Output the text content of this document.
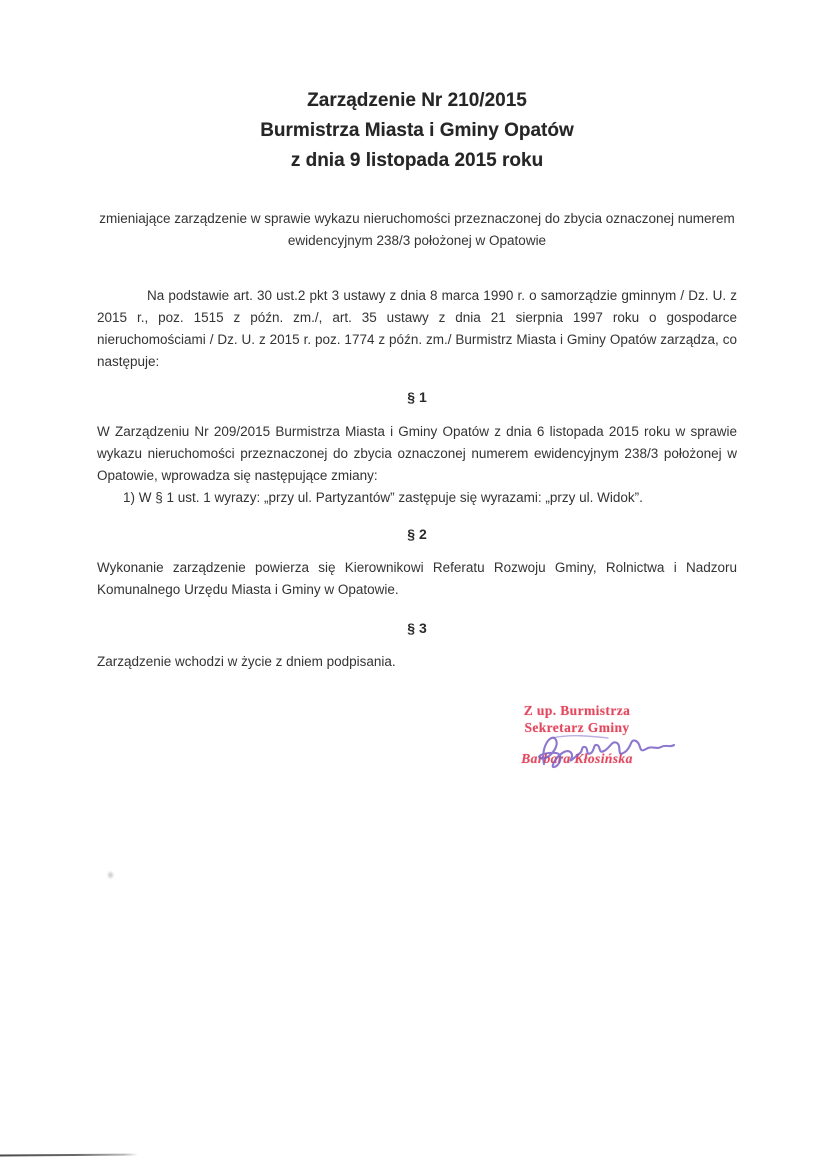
Zarządzenie Nr 210/2015
Burmistrza Miasta i Gminy Opatów
z dnia 9 listopada 2015 roku
zmieniające zarządzenie w sprawie wykazu nieruchomości przeznaczonej do zbycia oznaczonej numerem ewidencyjnym 238/3 położonej w Opatowie

Na podstawie art. 30 ust.2 pkt 3 ustawy z dnia 8 marca 1990 r. o samorządzie gminnym / Dz. U. z 2015 r., poz. 1515 z późn. zm./, art. 35 ustawy z dnia 21 sierpnia 1997 roku o gospodarce nieruchomościami / Dz. U. z 2015 r. poz. 1774 z późn. zm./ Burmistrz Miasta i Gminy Opatów zarządza, co następuje:

§ 1

W Zarządzeniu Nr 209/2015 Burmistrza Miasta i Gminy Opatów z dnia 6 listopada 2015 roku w sprawie wykazu nieruchomości przeznaczonej do zbycia oznaczonej numerem ewidencyjnym 238/3 położonej w Opatowie, wprowadza się następujące zmiany:

1) W § 1 ust. 1 wyrazy: „przy ul. Partyzantów” zastępuje się wyrazami: „przy ul. Widok”.

§ 2

Wykonanie zarządzenie powierza się Kierownikowi Referatu Rozwoju Gminy, Rolnictwa i Nadzoru Komunalnego Urzędu Miasta i Gminy w Opatowie.

§ 3

Zarządzenie wchodzi w życie z dniem podpisania.

Z up. Burmistrza
Sekretarz Gminy
Barbara Kłosińska
